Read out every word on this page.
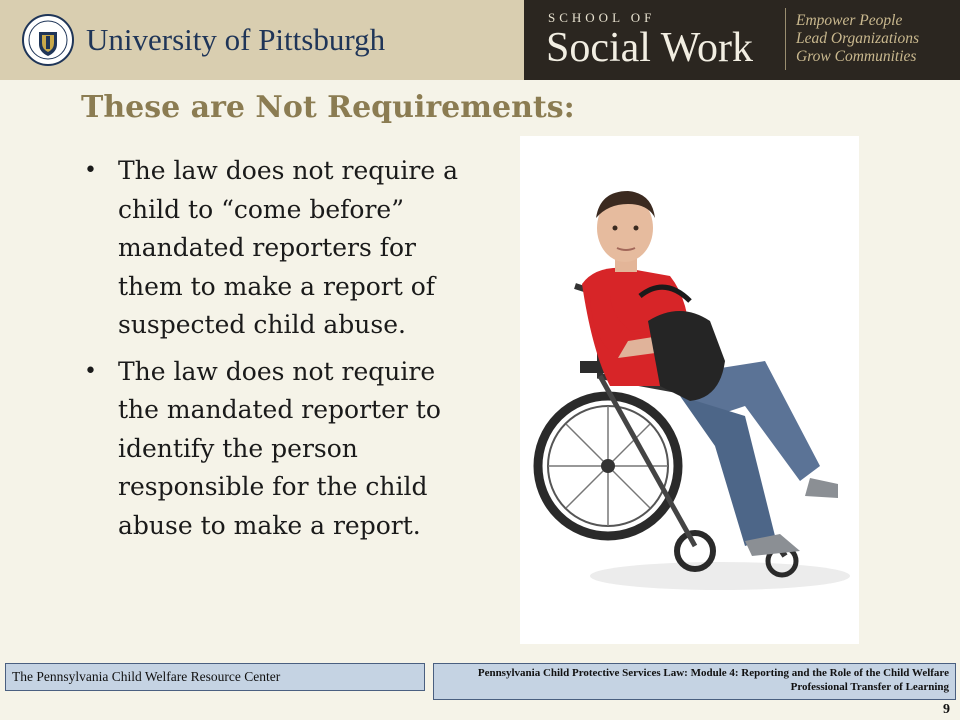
University of Pittsburgh
SCHOOL OF
Social Work
Empower People
Lead Organizations
Grow Communities
These are Not Requirements:
• The law does not require a child to “come before” mandated reporters for them to make a report of suspected child abuse.
• The law does not require the mandated reporter to identify the person responsible for the child abuse to make a report.
The Pennsylvania Child Welfare Resource Center	Pennsylvania Child Protective Services Law: Module 4: Reporting and the Role of the Child Welfare Professional Transfer of Learning
9
